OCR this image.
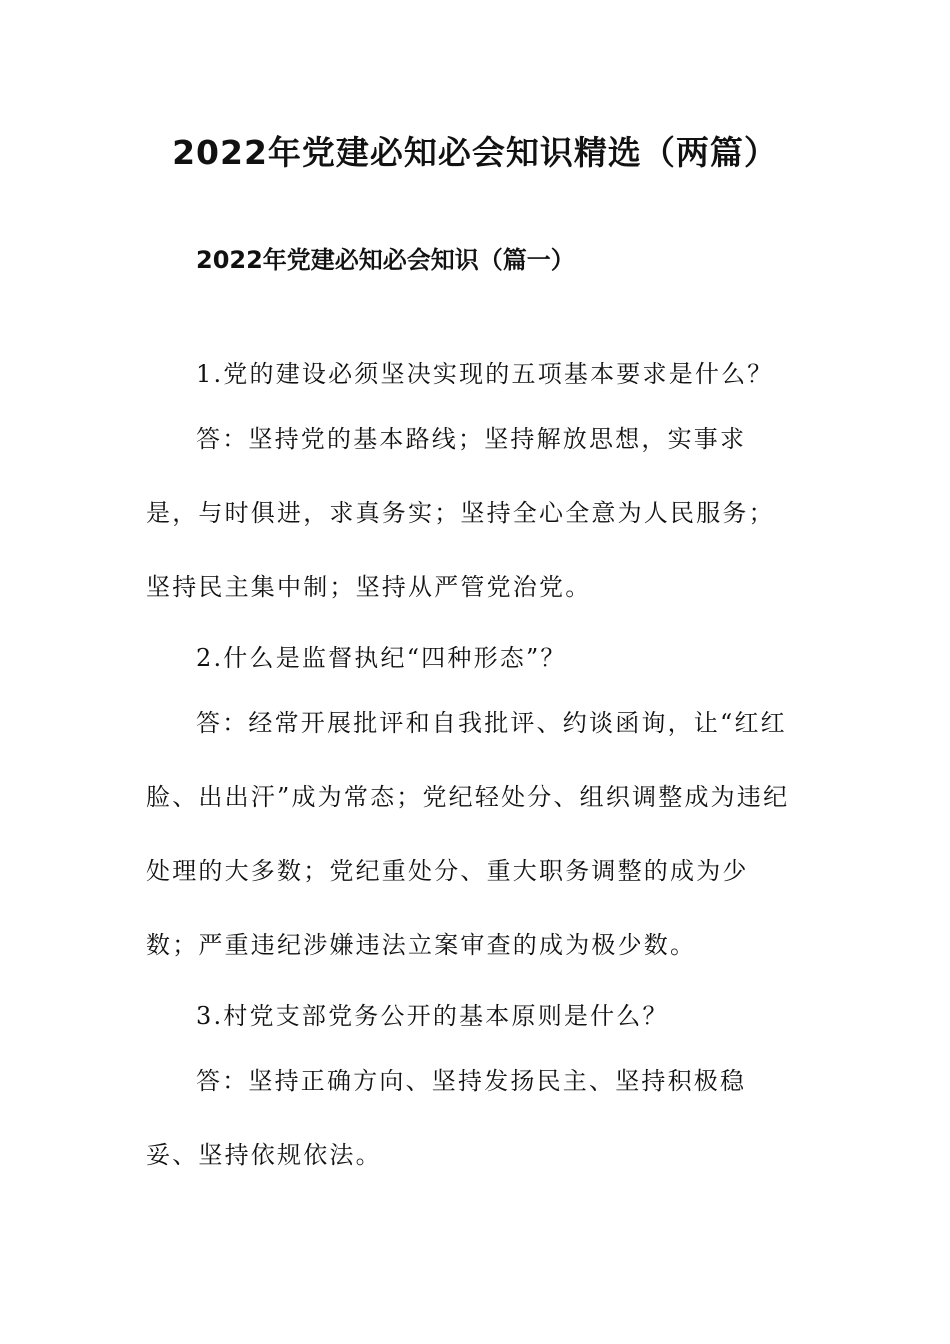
2022年党建必知必会知识精选（两篇）
2022年党建必知必会知识（篇一）

1.党的建设必须坚决实现的五项基本要求是什么？

答：坚持党的基本路线；坚持解放思想，实事求是，与时俱进，求真务实；坚持全心全意为人民服务；坚持民主集中制；坚持从严管党治党。

2.什么是监督执纪“四种形态”？

答：经常开展批评和自我批评、约谈函询，让“红红脸、出出汗”成为常态；党纪轻处分、组织调整成为违纪处理的大多数；党纪重处分、重大职务调整的成为少数；严重违纪涉嫌违法立案审查的成为极少数。

3.村党支部党务公开的基本原则是什么？

答：坚持正确方向、坚持发扬民主、坚持积极稳妥、坚持依规依法。
